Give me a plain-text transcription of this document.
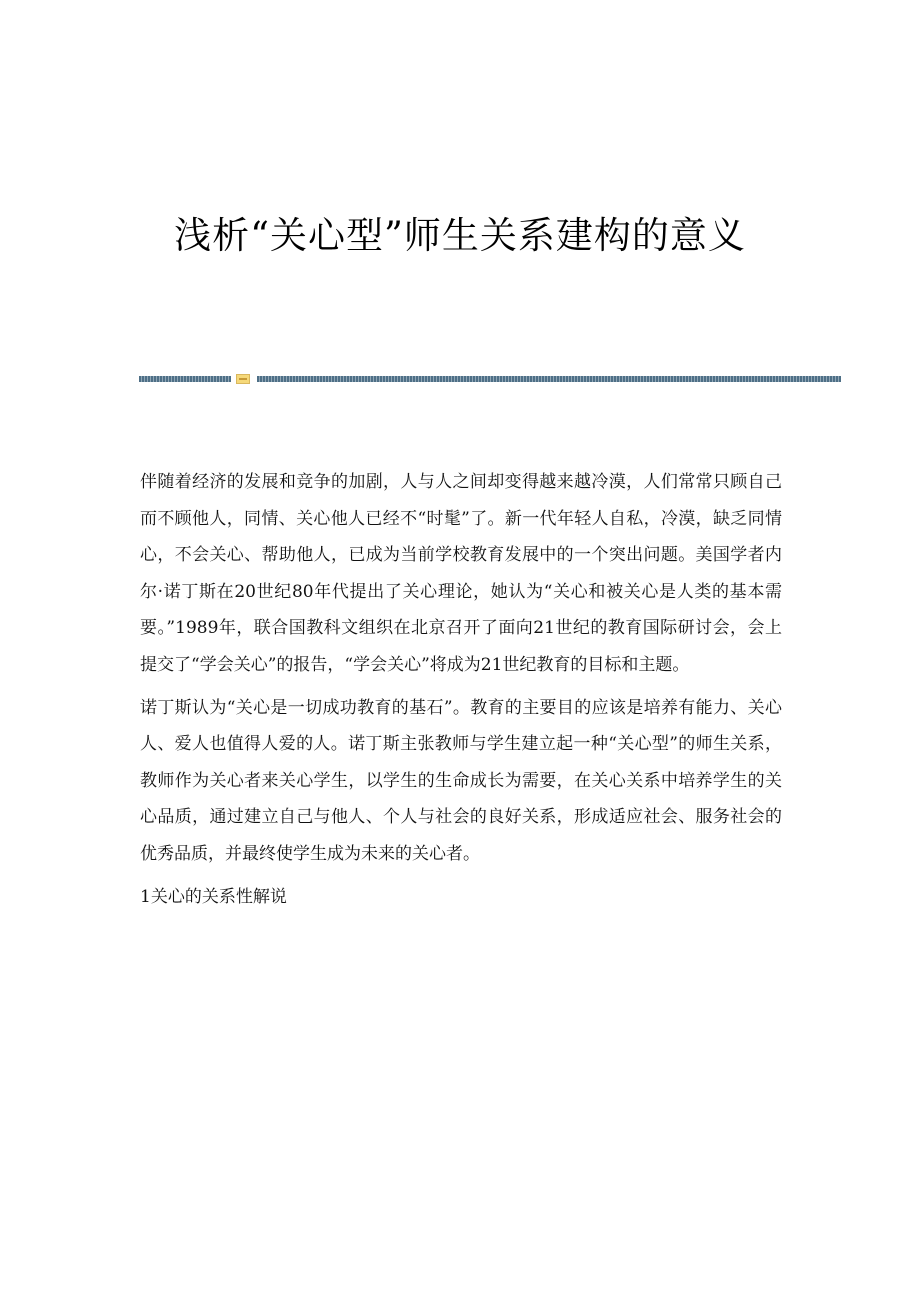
浅析“关心型”师生关系建构的意义

伴随着经济的发展和竞争的加剧，人与人之间却变得越来越冷漠，人们常常只顾自己而不顾他人，同情、关心他人已经不“时髦”了。新一代年轻人自私，冷漠，缺乏同情心，不会关心、帮助他人，已成为当前学校教育发展中的一个突出问题。美国学者内尔·诺丁斯在20世纪80年代提出了关心理论，她认为“关心和被关心是人类的基本需要。”1989年，联合国教科文组织在北京召开了面向21世纪的教育国际研讨会，会上提交了“学会关心”的报告，“学会关心”将成为21世纪教育的目标和主题。

诺丁斯认为“关心是一切成功教育的基石”。教育的主要目的应该是培养有能力、关心人、爱人也值得人爱的人。诺丁斯主张教师与学生建立起一种“关心型”的师生关系，教师作为关心者来关心学生，以学生的生命成长为需要，在关心关系中培养学生的关心品质，通过建立自己与他人、个人与社会的良好关系，形成适应社会、服务社会的优秀品质，并最终使学生成为未来的关心者。

1关心的关系性解说
